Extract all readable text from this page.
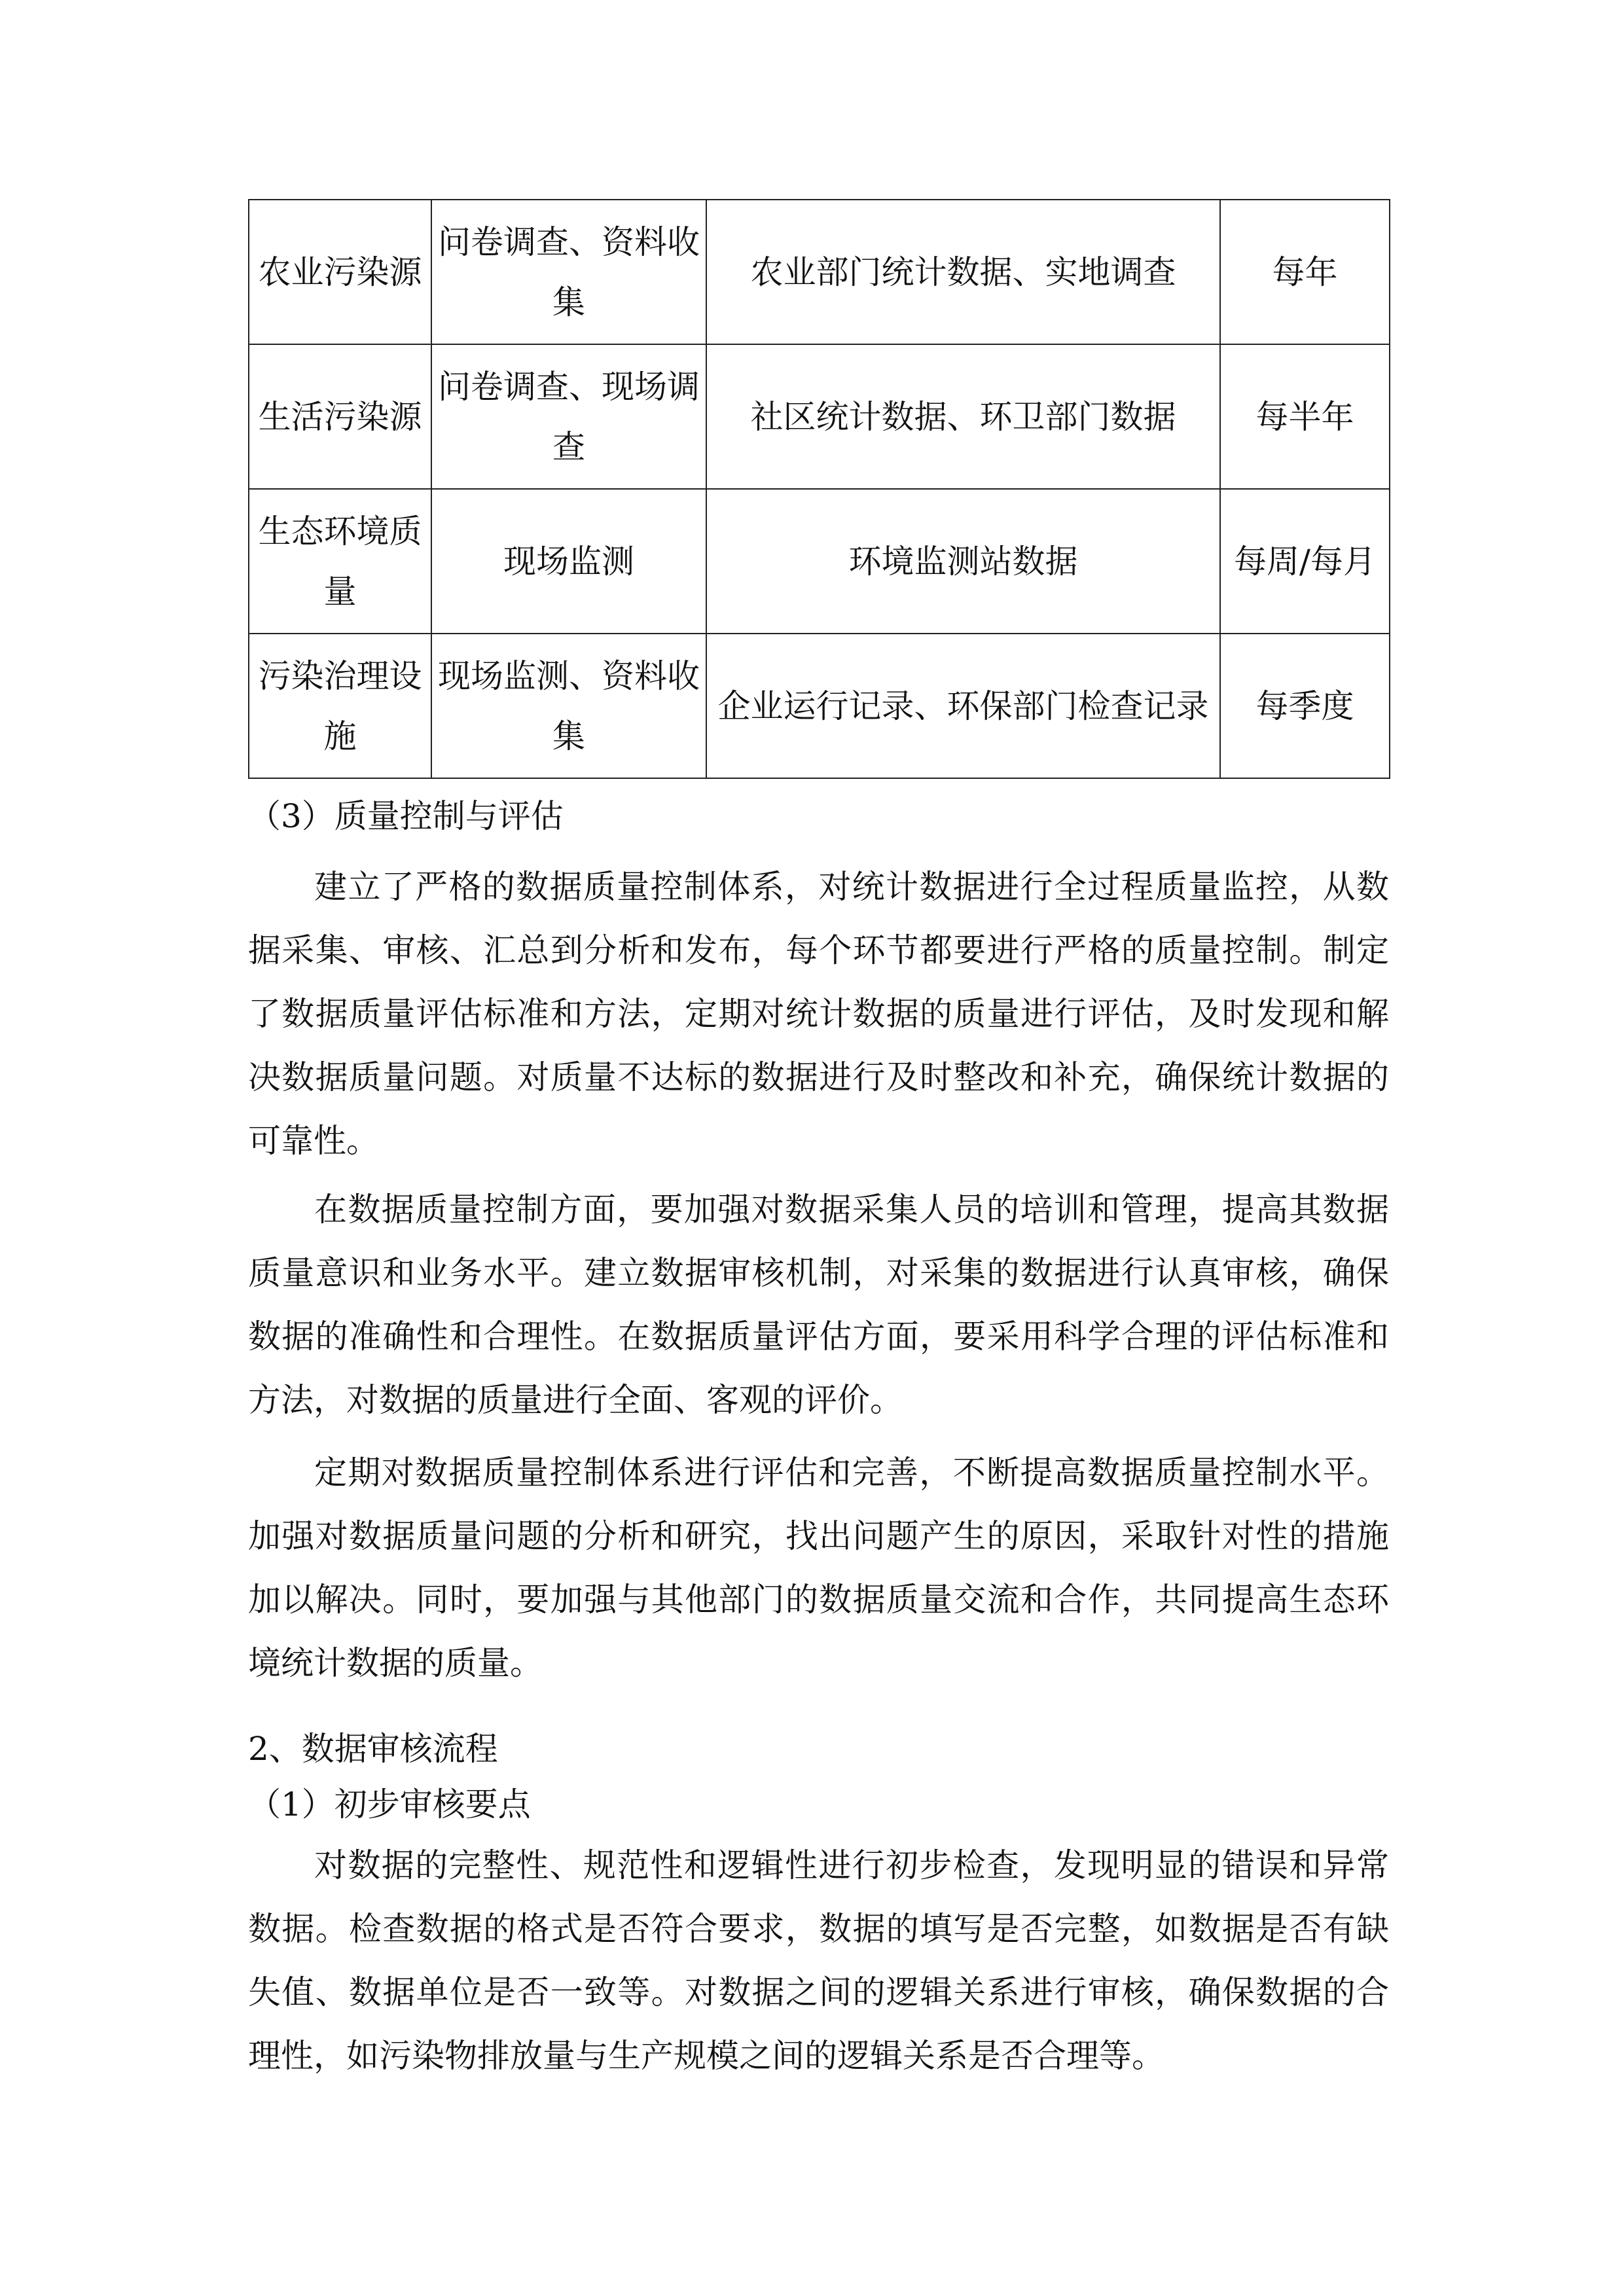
农业污染源	问卷调查、资料收集	农业部门统计数据、实地调查	每年
生活污染源	问卷调查、现场调查	社区统计数据、环卫部门数据	每半年
生态环境质量	现场监测	环境监测站数据	每周/每月
污染治理设施	现场监测、资料收集	企业运行记录、环保部门检查记录	每季度
（3）质量控制与评估
建立了严格的数据质量控制体系，对统计数据进行全过程质量监控，从数据采集、审核、汇总到分析和发布，每个环节都要进行严格的质量控制。制定了数据质量评估标准和方法，定期对统计数据的质量进行评估，及时发现和解决数据质量问题。对质量不达标的数据进行及时整改和补充，确保统计数据的可靠性。
在数据质量控制方面，要加强对数据采集人员的培训和管理，提高其数据质量意识和业务水平。建立数据审核机制，对采集的数据进行认真审核，确保数据的准确性和合理性。在数据质量评估方面，要采用科学合理的评估标准和方法，对数据的质量进行全面、客观的评价。
定期对数据质量控制体系进行评估和完善，不断提高数据质量控制水平。加强对数据质量问题的分析和研究，找出问题产生的原因，采取针对性的措施加以解决。同时，要加强与其他部门的数据质量交流和合作，共同提高生态环境统计数据的质量。
2、数据审核流程
（1）初步审核要点
对数据的完整性、规范性和逻辑性进行初步检查，发现明显的错误和异常数据。检查数据的格式是否符合要求，数据的填写是否完整，如数据是否有缺失值、数据单位是否一致等。对数据之间的逻辑关系进行审核，确保数据的合理性，如污染物排放量与生产规模之间的逻辑关系是否合理等。
